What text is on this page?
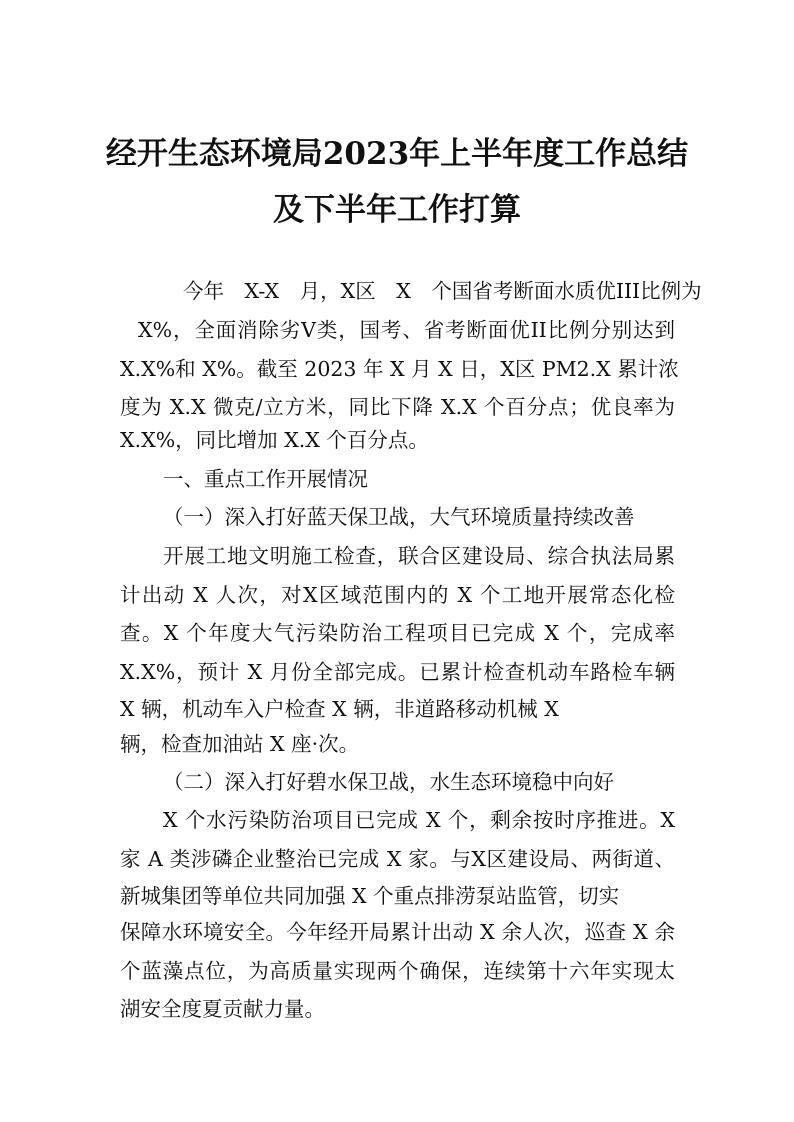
经开生态环境局2023年上半年度工作总结
及下半年工作打算
今年　X-X　月，X区　X　个国省考断面水质优III比例为
X%，全面消除劣V类，国考、省考断面优II比例分别达到
X.X%和 X%。截至 2023 年 X 月 X 日，X区 PM2.X 累计浓
度为 X.X 微克/立方米，同比下降 X.X 个百分点；优良率为
X.X%，同比增加 X.X 个百分点。
一、重点工作开展情况
（一）深入打好蓝天保卫战，大气环境质量持续改善
开展工地文明施工检查，联合区建设局、综合执法局累
计出动 X 人次，对X区域范围内的 X 个工地开展常态化检
查。X 个年度大气污染防治工程项目已完成 X 个，完成率
X.X%，预计 X 月份全部完成。已累计检查机动车路检车辆
X 辆，机动车入户检查 X 辆，非道路移动机械 X
辆，检查加油站 X 座·次。
（二）深入打好碧水保卫战，水生态环境稳中向好
X 个水污染防治项目已完成 X 个，剩余按时序推进。X
家 A 类涉磷企业整治已完成 X 家。与X区建设局、两街道、
新城集团等单位共同加强 X 个重点排涝泵站监管，切实
保障水环境安全。今年经开局累计出动 X 余人次，巡查 X 余
个蓝藻点位，为高质量实现两个确保，连续第十六年实现太
湖安全度夏贡献力量。
